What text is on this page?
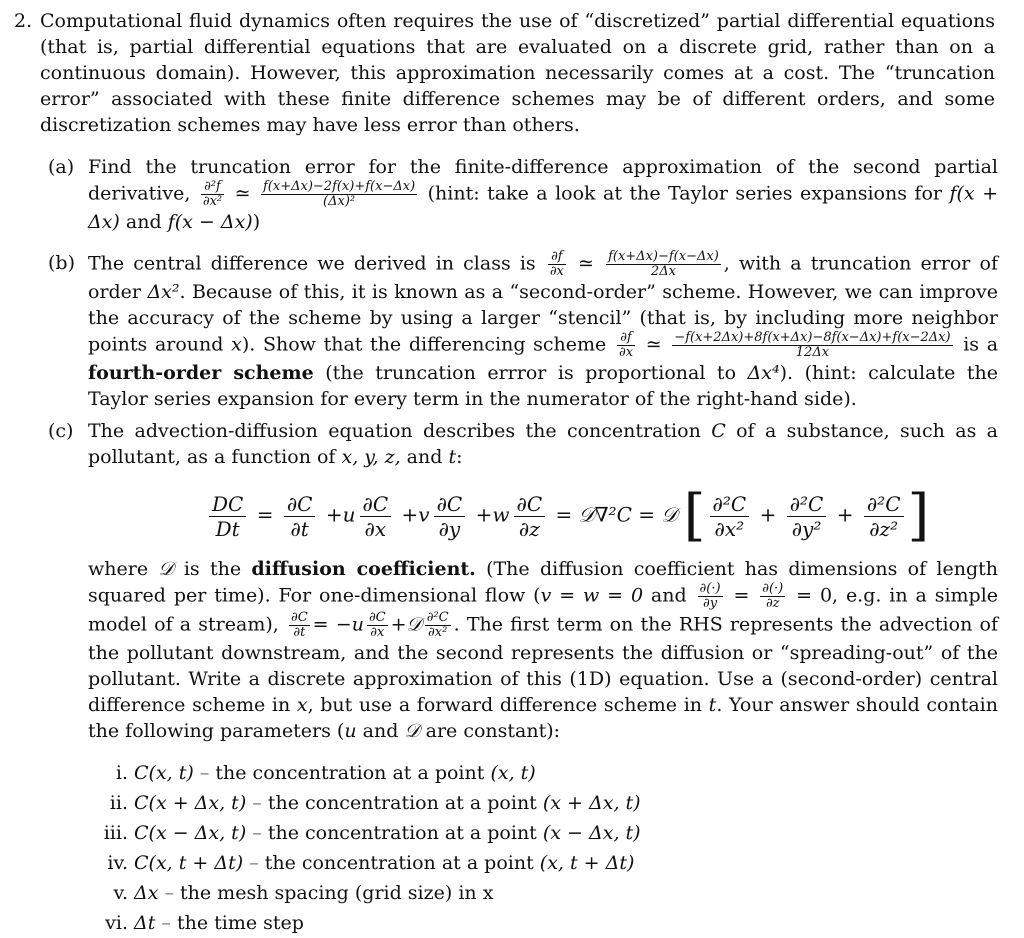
2. Computational fluid dynamics often requires the use of “discretized” partial differential equations (that is, partial differential equations that are evaluated on a discrete grid, rather than on a continuous domain). However, this approximation necessarily comes at a cost. The “truncation error” associated with these finite difference schemes may be of different orders, and some discretization schemes may have less error than others.
(a) Find the truncation error for the finite-difference approximation of the second partial derivative, $\frac{\text{∂²f}}{\text{∂x²}}$ ≃ $\frac{f(x+\Delta x)-2f(x)+f(x-\Delta x)}{\text{(Δx)²}}$ (hint: take a look at the Taylor series expansions for f(x + Δx) and f(x − Δx))
(b) The central difference we derived in class is $\frac{\partial f}{\partial x}$ ≃ $\frac{f(x+\Delta x)-f(x-\Delta x)}{2\Delta x}$ , with a truncation error of order Δx². Because of this, it is known as a “second-order” scheme. However, we can improve the accuracy of the scheme by using a larger “stencil” (that is, by including more neighbor points around x). Show that the differencing scheme $\frac{\partial f}{\partial x}$ ≃ $\frac{-f(x+2\Delta x)+8f(x+\Delta x)-8f(x-\Delta x)+f(x-2\Delta x)}{12\Delta x}$ is a fourth-order scheme (the truncation errror is proportional to Δx⁴). (hint: calculate the Taylor series expansion for every term in the numerator of the right-hand side).
(c) The advection-diffusion equation describes the concentration C of a substance, such as a pollutant, as a function of x, y, z, and t:
$\frac{DC}{Dt} = \frac{\partial C}{\partial t} +u \frac{\partial C}{\partial x} +v \frac{\partial C}{\partial y} +w \frac{\partial C}{\partial z}$ = 𝒟∇²C = 𝒟 [ $\frac{\text{∂²C}}{\text{∂x²}} + \frac{\text{∂²C}}{\text{∂y²}} + \frac{\text{∂²C}}{\text{∂z²}}$ ]
where 𝒟 is the diffusion coefficient. (The diffusion coefficient has dimensions of length squared per time). For one-dimensional flow (v = w = 0 and $\frac{\partial(\cdot)}{\partial y} = \frac{\partial(\cdot)}{\partial z} = 0$, e.g. in a simple model of a stream), $\frac{\partial C}{\partial t} = -u \frac{\partial C}{\partial x}$ +𝒟 $\frac{\text{∂²C}}{\text{∂x²}}$ . The first term on the RHS represents the advection of the pollutant downstream, and the second represents the diffusion or “spreading-out” of the pollutant. Write a discrete approximation of this (1D) equation. Use a (second-order) central difference scheme in x, but use a forward difference scheme in t. Your answer should contain the following parameters (u and 𝒟 are constant):
i. C(x, t) – the concentration at a point (x, t)
ii. C(x + Δx, t) – the concentration at a point (x + Δx, t)
iii. C(x − Δx, t) – the concentration at a point (x − Δx, t)
iv. C(x, t + Δt) – the concentration at a point (x, t + Δt)
v. Δx – the mesh spacing (grid size) in x
vi. Δt – the time step
